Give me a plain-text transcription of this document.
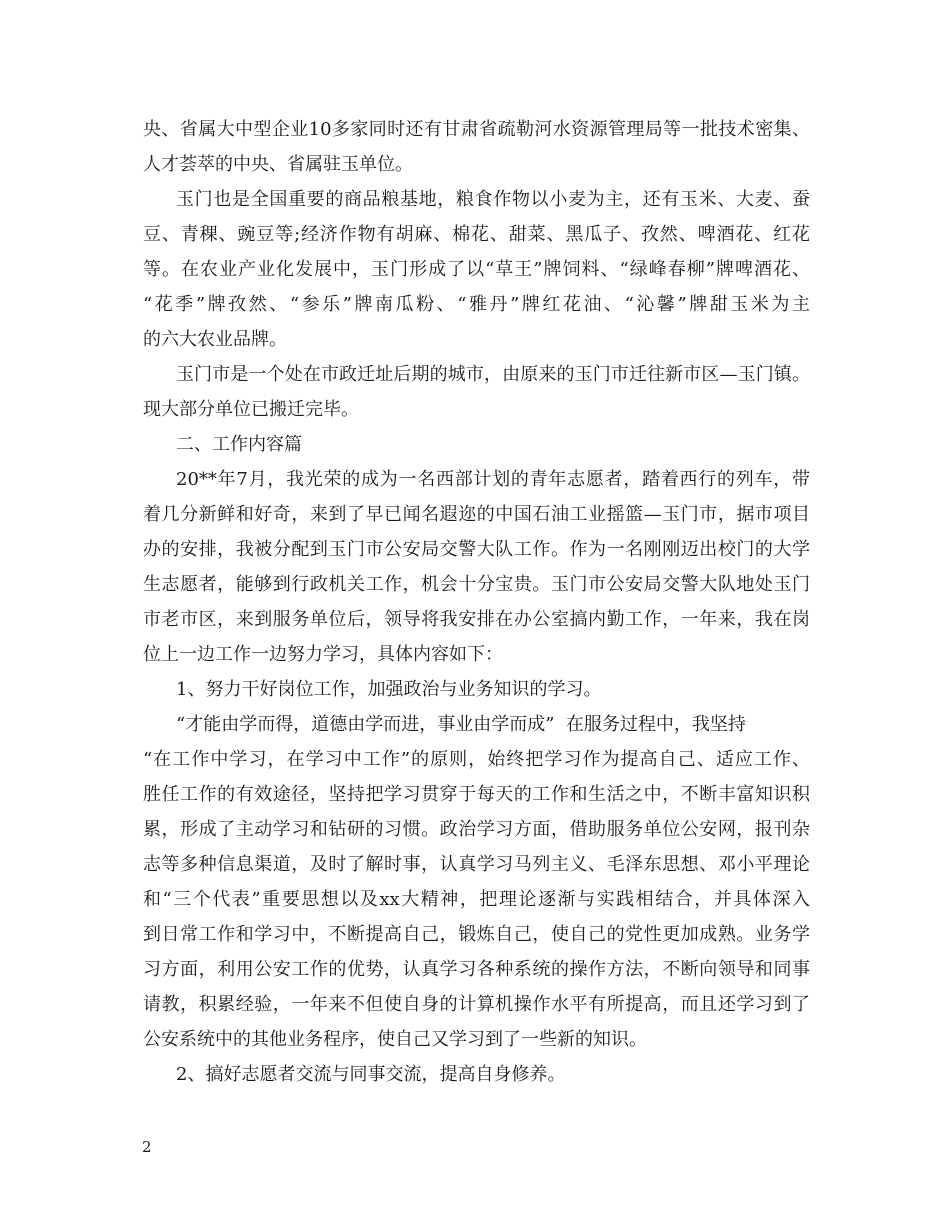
央、省属大中型企业10多家同时还有甘肃省疏勒河水资源管理局等一批技术密集、
人才荟萃的中央、省属驻玉单位。
玉门也是全国重要的商品粮基地，粮食作物以小麦为主，还有玉米、大麦、蚕
豆、青稞、豌豆等;经济作物有胡麻、棉花、甜菜、黑瓜子、孜然、啤酒花、红花
等。在农业产业化发展中，玉门形成了以“草王”牌饲料、“绿峰春柳”牌啤酒花、
“花季”牌孜然、“参乐”牌南瓜粉、“雅丹”牌红花油、“沁馨”牌甜玉米为主
的六大农业品牌。
玉门市是一个处在市政迁址后期的城市，由原来的玉门市迁往新市区—玉门镇。
现大部分单位已搬迁完毕。
二、工作内容篇
20**年7月，我光荣的成为一名西部计划的青年志愿者，踏着西行的列车，带
着几分新鲜和好奇，来到了早已闻名遐迩的中国石油工业摇篮—玉门市，据市项目
办的安排，我被分配到玉门市公安局交警大队工作。作为一名刚刚迈出校门的大学
生志愿者，能够到行政机关工作，机会十分宝贵。玉门市公安局交警大队地处玉门
市老市区，来到服务单位后，领导将我安排在办公室搞内勤工作，一年来，我在岗
位上一边工作一边努力学习，具体内容如下：
1、努力干好岗位工作，加强政治与业务知识的学习。
“才能由学而得，道德由学而进，事业由学而成”  在服务过程中，我坚持
“在工作中学习，在学习中工作”的原则，始终把学习作为提高自己、适应工作、
胜任工作的有效途径，坚持把学习贯穿于每天的工作和生活之中，不断丰富知识积
累，形成了主动学习和钻研的习惯。政治学习方面，借助服务单位公安网，报刊杂
志等多种信息渠道，及时了解时事，认真学习马列主义、毛泽东思想、邓小平理论
和“三个代表”重要思想以及xx大精神，把理论逐渐与实践相结合，并具体深入
到日常工作和学习中，不断提高自己，锻炼自己，使自己的党性更加成熟。业务学
习方面，利用公安工作的优势，认真学习各种系统的操作方法，不断向领导和同事
请教，积累经验，一年来不但使自身的计算机操作水平有所提高，而且还学习到了
公安系统中的其他业务程序，使自己又学习到了一些新的知识。
2、搞好志愿者交流与同事交流，提高自身修养。
2
